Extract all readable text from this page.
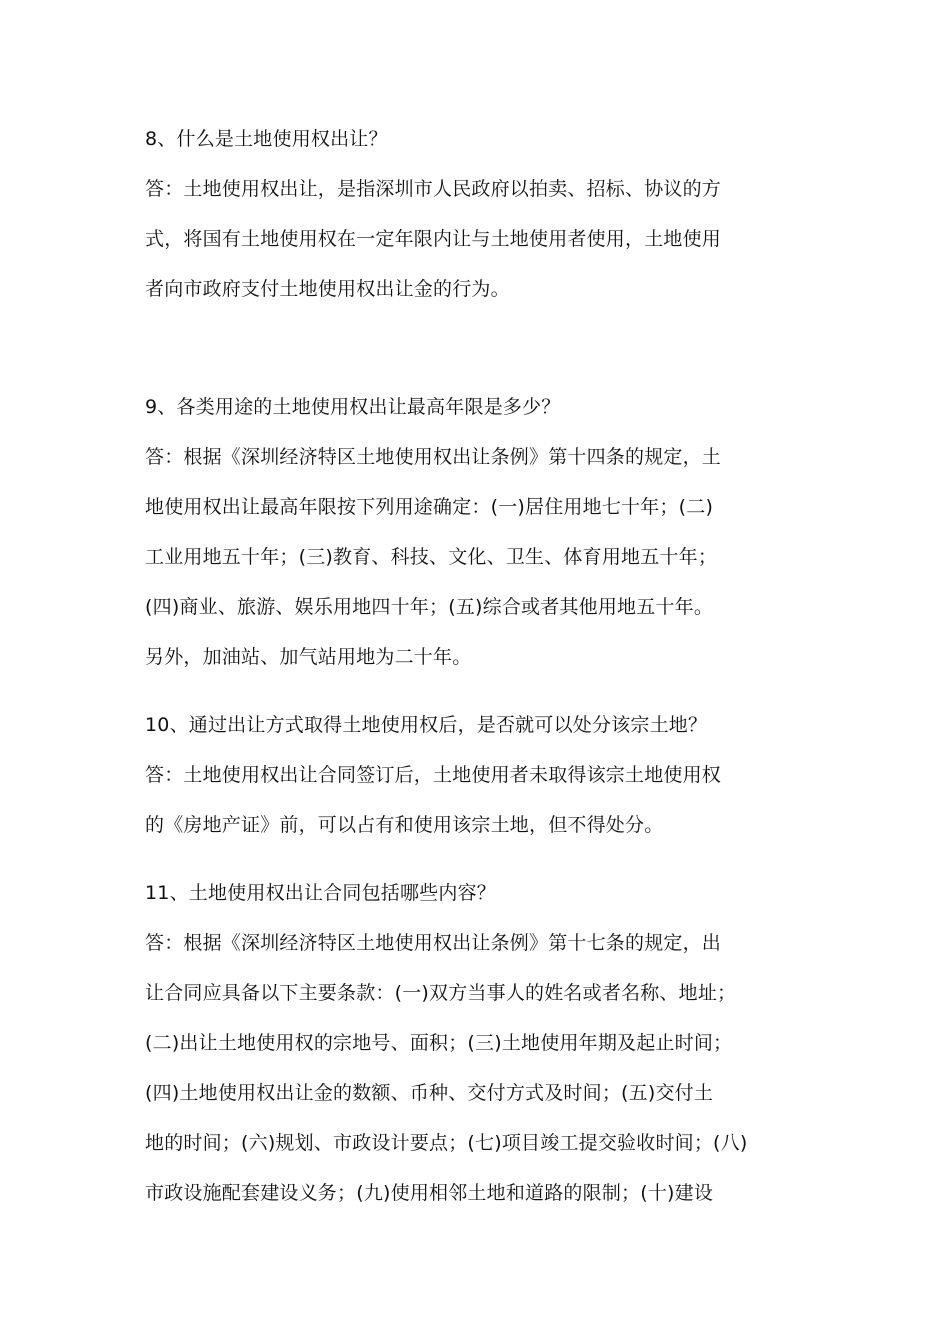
8、什么是土地使用权出让？
答：土地使用权出让，是指深圳市人民政府以拍卖、招标、协议的方
式，将国有土地使用权在一定年限内让与土地使用者使用，土地使用
者向市政府支付土地使用权出让金的行为。
9、各类用途的土地使用权出让最高年限是多少？
答：根据《深圳经济特区土地使用权出让条例》第十四条的规定，土
地使用权出让最高年限按下列用途确定：(一)居住用地七十年；(二)
工业用地五十年；(三)教育、科技、文化、卫生、体育用地五十年；
(四)商业、旅游、娱乐用地四十年；(五)综合或者其他用地五十年。
另外，加油站、加气站用地为二十年。
10、通过出让方式取得土地使用权后，是否就可以处分该宗土地？
答：土地使用权出让合同签订后，土地使用者未取得该宗土地使用权
的《房地产证》前，可以占有和使用该宗土地，但不得处分。
11、土地使用权出让合同包括哪些内容？
答：根据《深圳经济特区土地使用权出让条例》第十七条的规定，出
让合同应具备以下主要条款：(一)双方当事人的姓名或者名称、地址；
(二)出让土地使用权的宗地号、面积；(三)土地使用年期及起止时间；
(四)土地使用权出让金的数额、币种、交付方式及时间；(五)交付土
地的时间；(六)规划、市政设计要点；(七)项目竣工提交验收时间；(八)
市政设施配套建设义务；(九)使用相邻土地和道路的限制；(十)建设
